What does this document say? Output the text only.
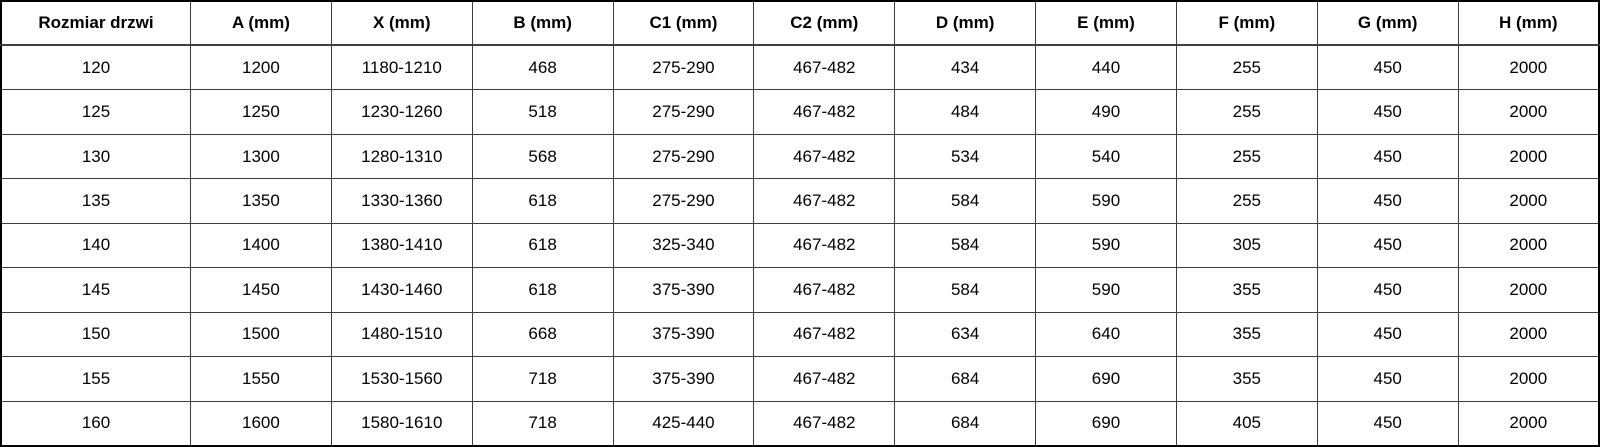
Rozmiar drzwi	A (mm)	X (mm)	B (mm)	C1 (mm)	C2 (mm)	D (mm)	E (mm)	F (mm)	G (mm)	H (mm)
120	1200	1180-1210	468	275-290	467-482	434	440	255	450	2000
125	1250	1230-1260	518	275-290	467-482	484	490	255	450	2000
130	1300	1280-1310	568	275-290	467-482	534	540	255	450	2000
135	1350	1330-1360	618	275-290	467-482	584	590	255	450	2000
140	1400	1380-1410	618	325-340	467-482	584	590	305	450	2000
145	1450	1430-1460	618	375-390	467-482	584	590	355	450	2000
150	1500	1480-1510	668	375-390	467-482	634	640	355	450	2000
155	1550	1530-1560	718	375-390	467-482	684	690	355	450	2000
160	1600	1580-1610	718	425-440	467-482	684	690	405	450	2000
